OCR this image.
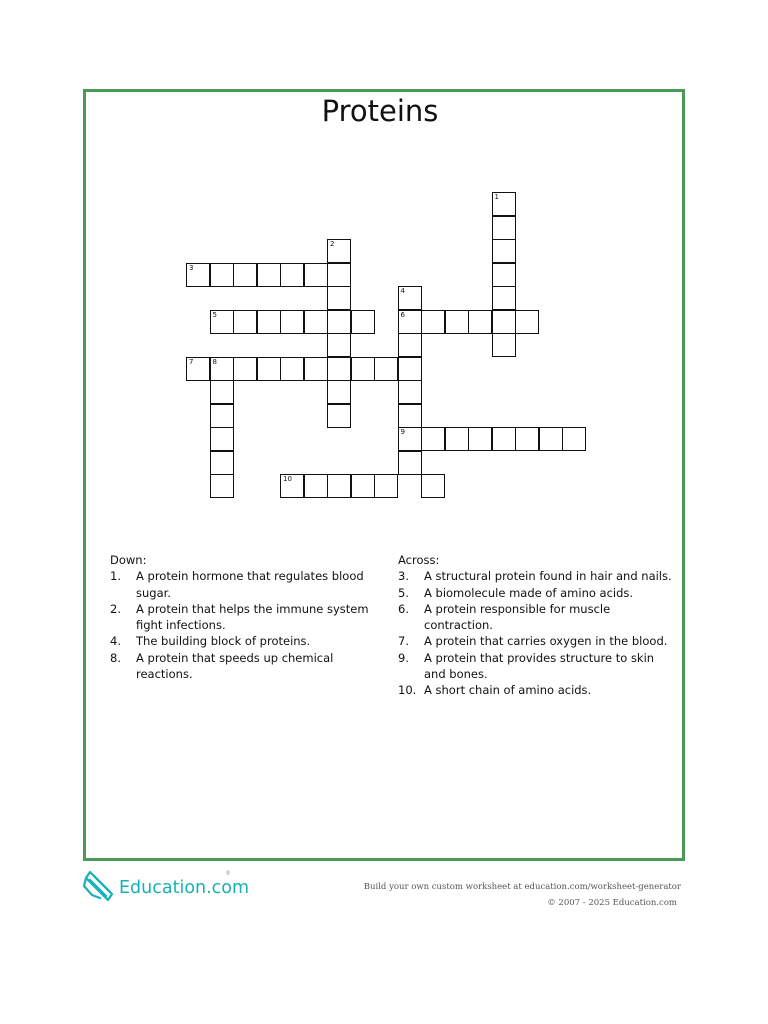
Proteins
1
2
3
5
4
6
9
7	8
10
Down:
1.	A protein hormone that regulates blood sugar.
2.	A protein that helps the immune system fight infections.
4.	The building block of proteins.
8.	A protein that speeds up chemical reactions.
Across:
3.	A structural protein found in hair and nails.
5.	A biomolecule made of amino acids.
6.	A protein responsible for muscle contraction.
7.	A protein that carries oxygen in the blood.
9.	A protein that provides structure to skin and bones.
10. A short chain of amino acids.
Education.com
®
Build your own custom worksheet at education.com/worksheet-generator
© 2007 - 2025 Education.com
